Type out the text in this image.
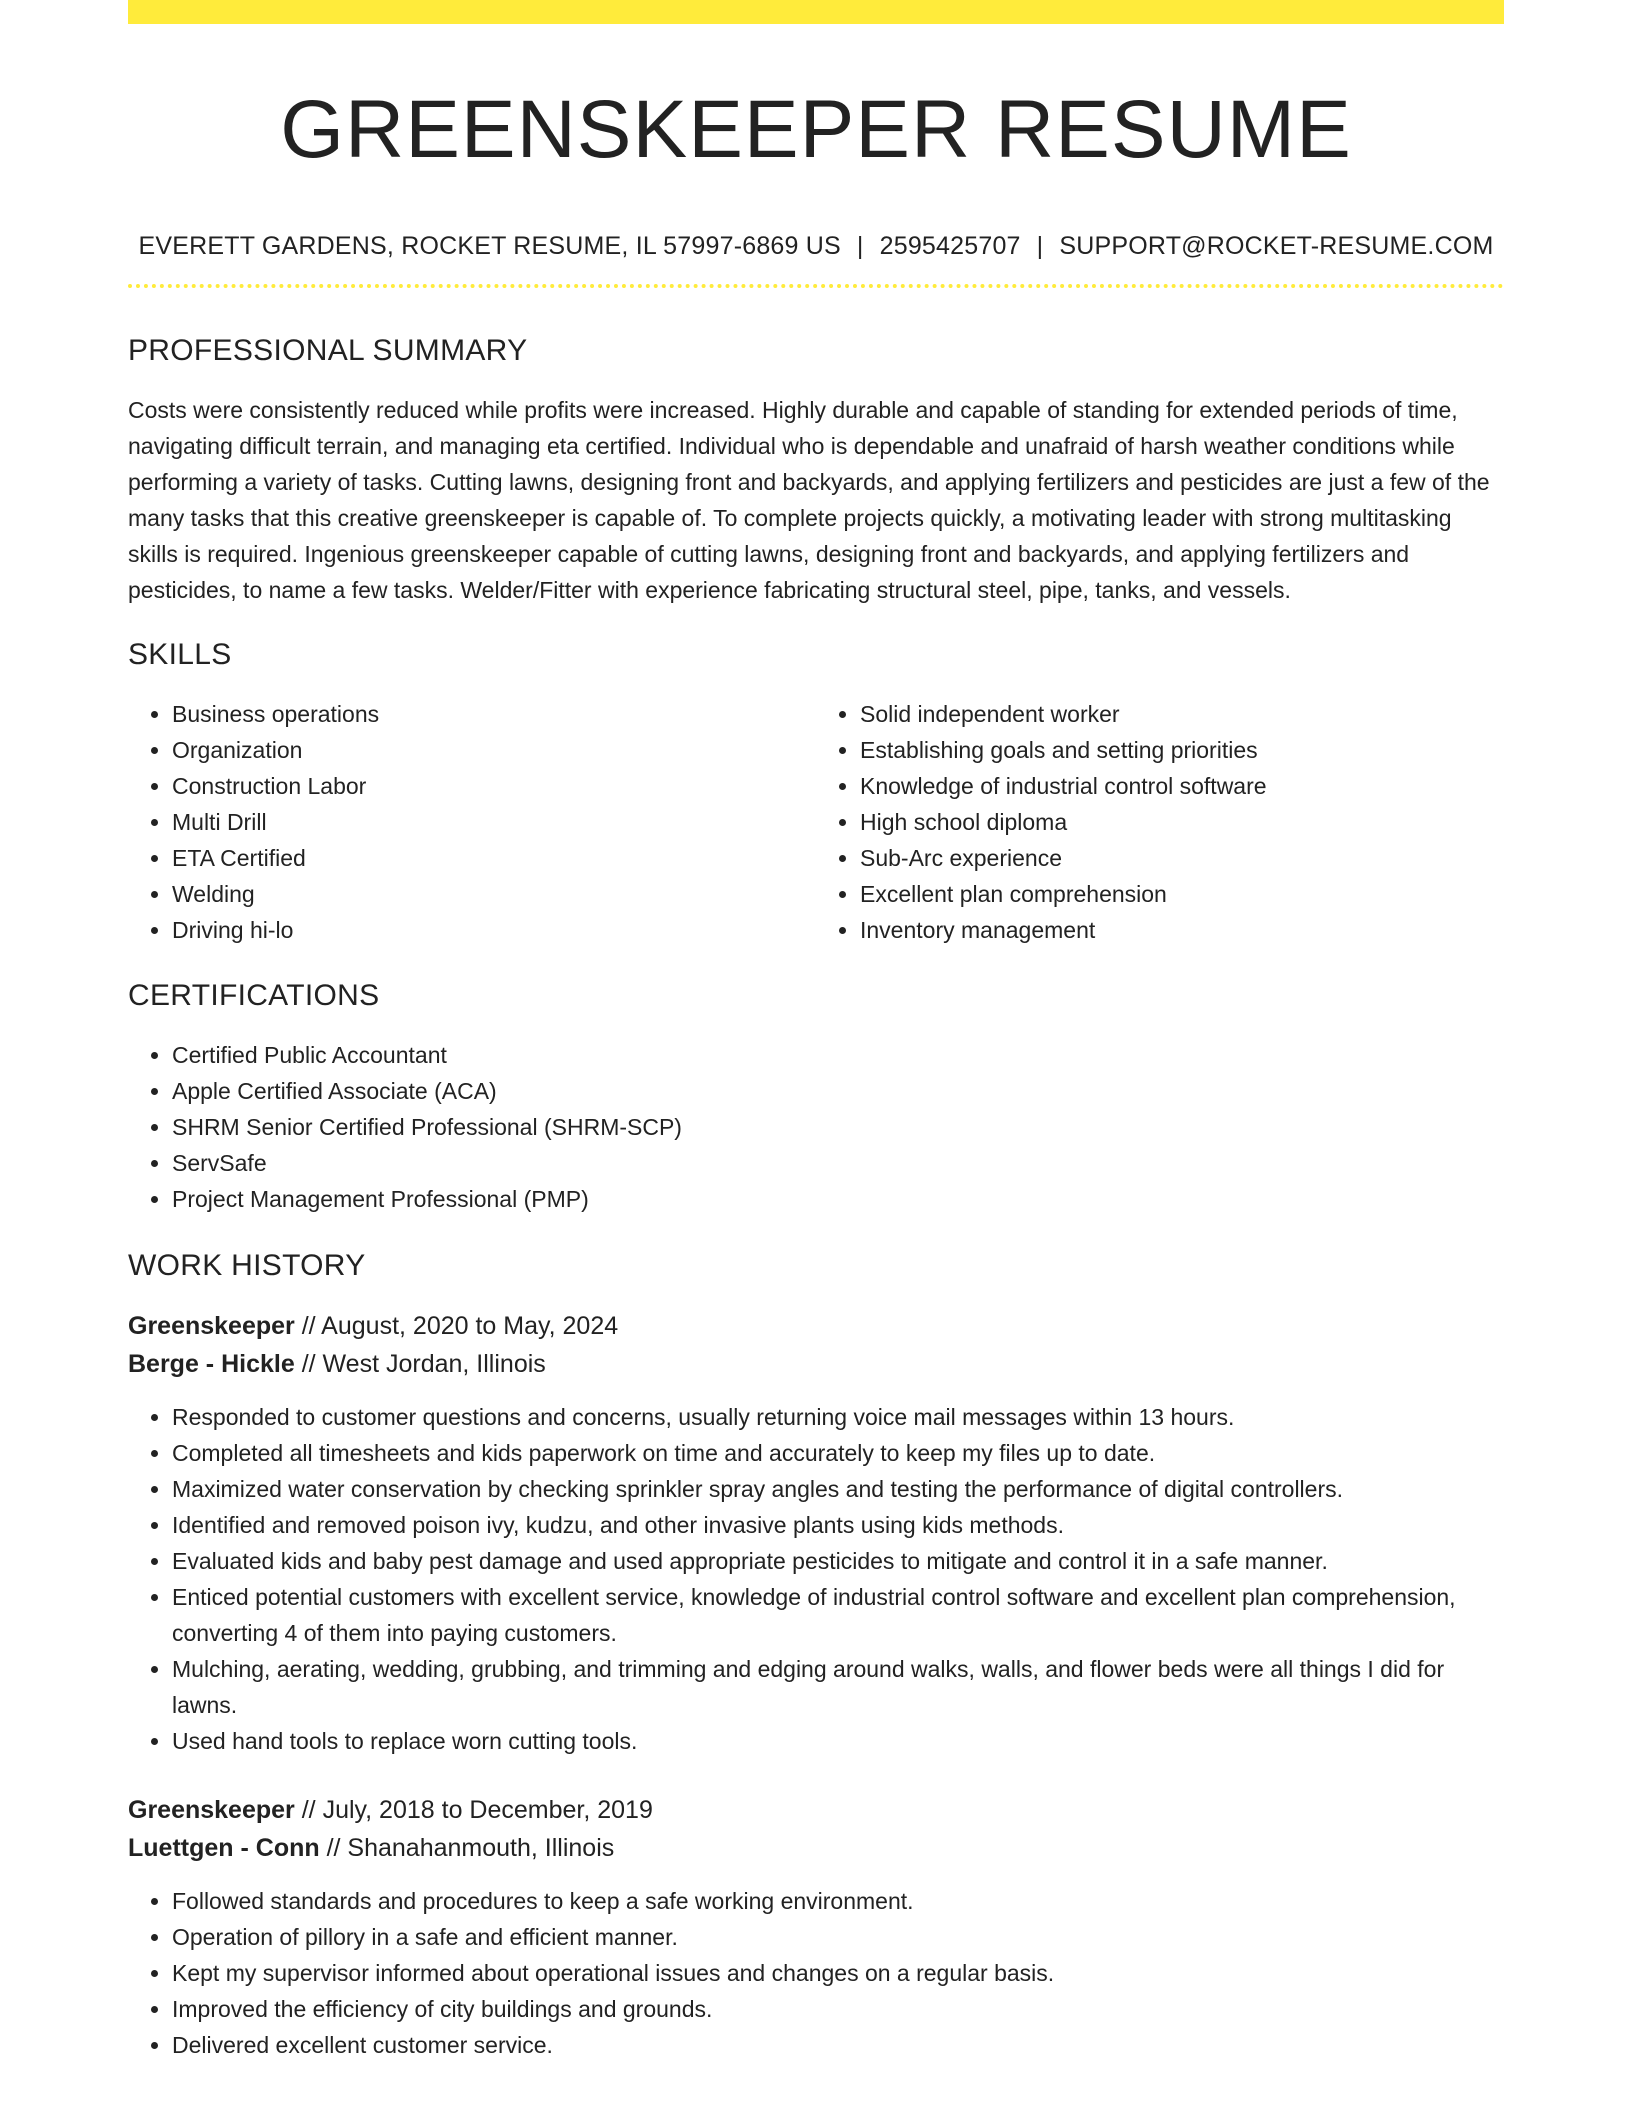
GREENSKEEPER RESUME
EVERETT GARDENS, ROCKET RESUME, IL 57997-6869 US | 2595425707 | SUPPORT@ROCKET-RESUME.COM
PROFESSIONAL SUMMARY

Costs were consistently reduced while profits were increased. Highly durable and capable of standing for extended periods of time, navigating difficult terrain, and managing eta certified. Individual who is dependable and unafraid of harsh weather conditions while performing a variety of tasks. Cutting lawns, designing front and backyards, and applying fertilizers and pesticides are just a few of the many tasks that this creative greenskeeper is capable of. To complete projects quickly, a motivating leader with strong multitasking skills is required. Ingenious greenskeeper capable of cutting lawns, designing front and backyards, and applying fertilizers and pesticides, to name a few tasks. Welder/Fitter with experience fabricating structural steel, pipe, tanks, and vessels.

SKILLS
• Business operations
• Organization
• Construction Labor
• Multi Drill
• ETA Certified
• Welding
• Driving hi-lo
• Solid independent worker
• Establishing goals and setting priorities
• Knowledge of industrial control software
• High school diploma
• Sub-Arc experience
• Excellent plan comprehension
• Inventory management
CERTIFICATIONS
• Certified Public Accountant
• Apple Certified Associate (ACA)
• SHRM Senior Certified Professional (SHRM-SCP)
• ServSafe
• Project Management Professional (PMP)
WORK HISTORY
Greenskeeper // August, 2020 to May, 2024
Berge - Hickle // West Jordan, Illinois
• Responded to customer questions and concerns, usually returning voice mail messages within 13 hours.
• Completed all timesheets and kids paperwork on time and accurately to keep my files up to date.
• Maximized water conservation by checking sprinkler spray angles and testing the performance of digital controllers.
• Identified and removed poison ivy, kudzu, and other invasive plants using kids methods.
• Evaluated kids and baby pest damage and used appropriate pesticides to mitigate and control it in a safe manner.
• Enticed potential customers with excellent service, knowledge of industrial control software and excellent plan comprehension, converting 4 of them into paying customers.
• Mulching, aerating, wedding, grubbing, and trimming and edging around walks, walls, and flower beds were all things I did for lawns.
• Used hand tools to replace worn cutting tools.
Greenskeeper // July, 2018 to December, 2019
Luettgen - Conn // Shanahanmouth, Illinois
• Followed standards and procedures to keep a safe working environment.
• Operation of pillory in a safe and efficient manner.
• Kept my supervisor informed about operational issues and changes on a regular basis.
• Improved the efficiency of city buildings and grounds.
• Delivered excellent customer service.
